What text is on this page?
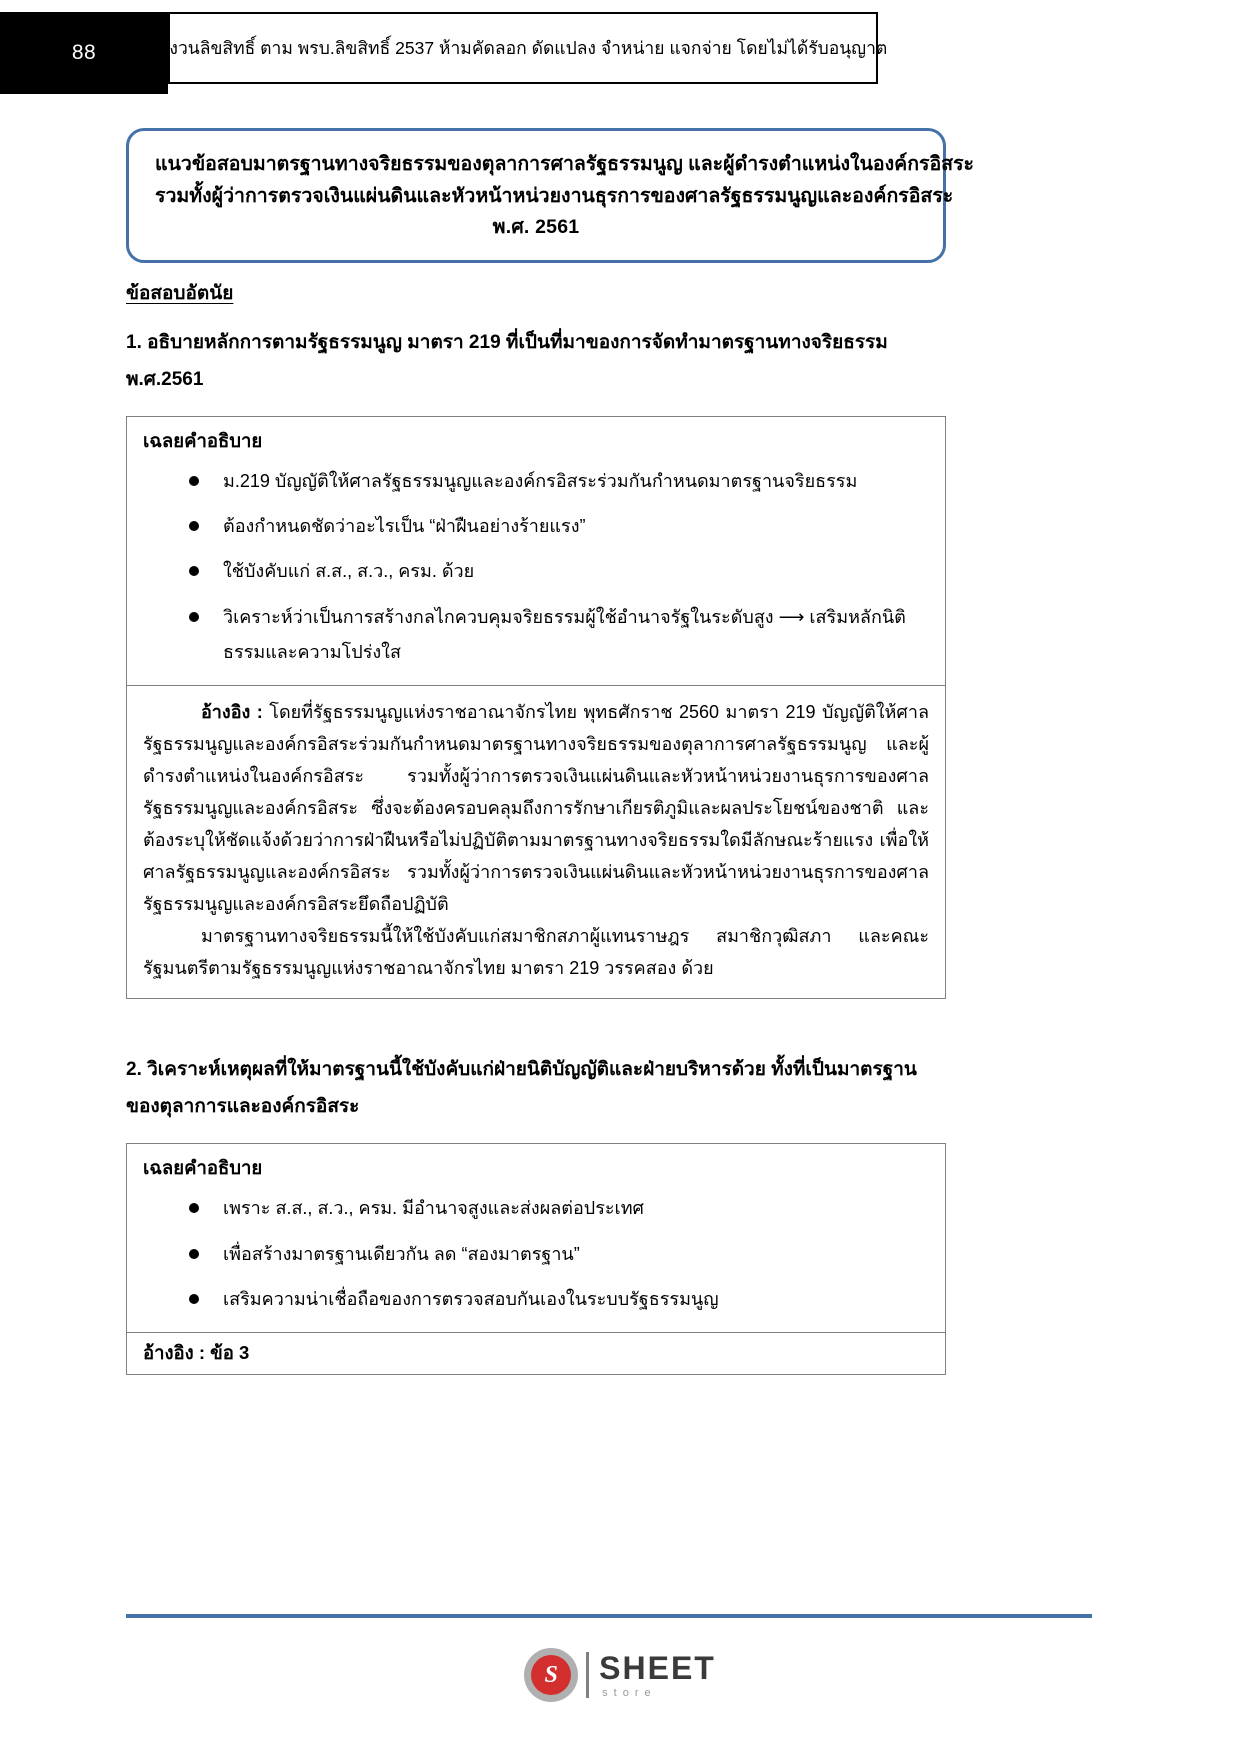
88	สงวนลิขสิทธิ์ ตาม พรบ.ลิขสิทธิ์ 2537 ห้ามคัดลอก ดัดแปลง จำหน่าย แจกจ่าย โดยไม่ได้รับอนุญาต
แนวข้อสอบมาตรฐานทางจริยธรรมของตุลาการศาลรัฐธรรมนูญ และผู้ดำรงตำแหน่งในองค์กรอิสระ
รวมทั้งผู้ว่าการตรวจเงินแผ่นดินและหัวหน้าหน่วยงานธุรการของศาลรัฐธรรมนูญและองค์กรอิสระ
พ.ศ. 2561
ข้อสอบอัตนัย
1. อธิบายหลักการตามรัฐธรรมนูญ มาตรา 219 ที่เป็นที่มาของการจัดทำมาตรฐานทางจริยธรรม พ.ศ.2561
เฉลยคำอธิบาย
ม.219 บัญญัติให้ศาลรัฐธรรมนูญและองค์กรอิสระร่วมกันกำหนดมาตรฐานจริยธรรม
ต้องกำหนดชัดว่าอะไรเป็น “ฝ่าฝืนอย่างร้ายแรง”
ใช้บังคับแก่ ส.ส., ส.ว., ครม. ด้วย
วิเคราะห์ว่าเป็นการสร้างกลไกควบคุมจริยธรรมผู้ใช้อำนาจรัฐในระดับสูง ⟶ เสริมหลักนิติ
ธรรมและความโปร่งใส

อ้างอิง : โดยที่รัฐธรรมนูญแห่งราชอาณาจักรไทย พุทธศักราช 2560 มาตรา 219 บัญญัติให้ศาลรัฐธรรมนูญและองค์กรอิสระร่วมกันกำหนดมาตรฐานทางจริยธรรมของตุลาการศาลรัฐธรรมนูญ และผู้ดำรงตำแหน่งในองค์กรอิสระ รวมทั้งผู้ว่าการตรวจเงินแผ่นดินและหัวหน้าหน่วยงานธุรการของศาลรัฐธรรมนูญและองค์กรอิสระ ซึ่งจะต้องครอบคลุมถึงการรักษาเกียรติภูมิและผลประโยชน์ของชาติ และต้องระบุให้ชัดแจ้งด้วยว่าการฝ่าฝืนหรือไม่ปฏิบัติตามมาตรฐานทางจริยธรรมใดมีลักษณะร้ายแรง เพื่อให้ศาลรัฐธรรมนูญและองค์กรอิสระ รวมทั้งผู้ว่าการตรวจเงินแผ่นดินและหัวหน้าหน่วยงานธุรการของศาลรัฐธรรมนูญและองค์กรอิสระยึดถือปฏิบัติ

มาตรฐานทางจริยธรรมนี้ให้ใช้บังคับแก่สมาชิกสภาผู้แทนราษฎร สมาชิกวุฒิสภา และคณะรัฐมนตรีตามรัฐธรรมนูญแห่งราชอาณาจักรไทย มาตรา 219 วรรคสอง ด้วย

2. วิเคราะห์เหตุผลที่ให้มาตรฐานนี้ใช้บังคับแก่ฝ่ายนิติบัญญัติและฝ่ายบริหารด้วย ทั้งที่เป็นมาตรฐานของตุลาการและองค์กรอิสระ
เฉลยคำอธิบาย
เพราะ ส.ส., ส.ว., ครม. มีอำนาจสูงและส่งผลต่อประเทศ
เพื่อสร้างมาตรฐานเดียวกัน ลด “สองมาตรฐาน”
เสริมความน่าเชื่อถือของการตรวจสอบกันเองในระบบรัฐธรรมนูญ
อ้างอิง : ข้อ 3
S	SHEET
store
